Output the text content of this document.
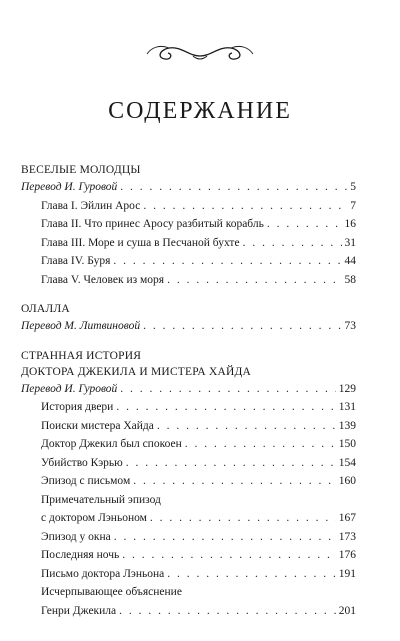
СОДЕРЖАНИЕ
ВЕСЕЛЫЕ МОЛОДЦЫ
Перевод И. Гуровой . . .	5
Глава I. Эйлин Арос . . .	7
Глава II. Что принес Аросу разбитый корабль . . .	16
Глава III. Море и суша в Песчаной бухте . . .	31
Глава IV. Буря . . .	44
Глава V. Человек из моря . . .	58
ОЛАЛЛА
Перевод М. Литвиновой . . .	73
СТРАННАЯ ИСТОРИЯ
ДОКТОРА ДЖЕКИЛА И МИСТЕРА ХАЙДА
Перевод И. Гуровой . . .	129
История двери . . .	131
Поиски мистера Хайда . . .	139
Доктор Джекил был спокоен . . .	150
Убийство Кэрью . . .	154
Эпизод с письмом . . .	160
Примечательный эпизод
с доктором Лэньоном . . .	167
Эпизод у окна . . .	173
Последняя ночь . . .	176
Письмо доктора Лэньона . . .	191
Исчерпывающее объяснение
Генри Джекила . . .	201
